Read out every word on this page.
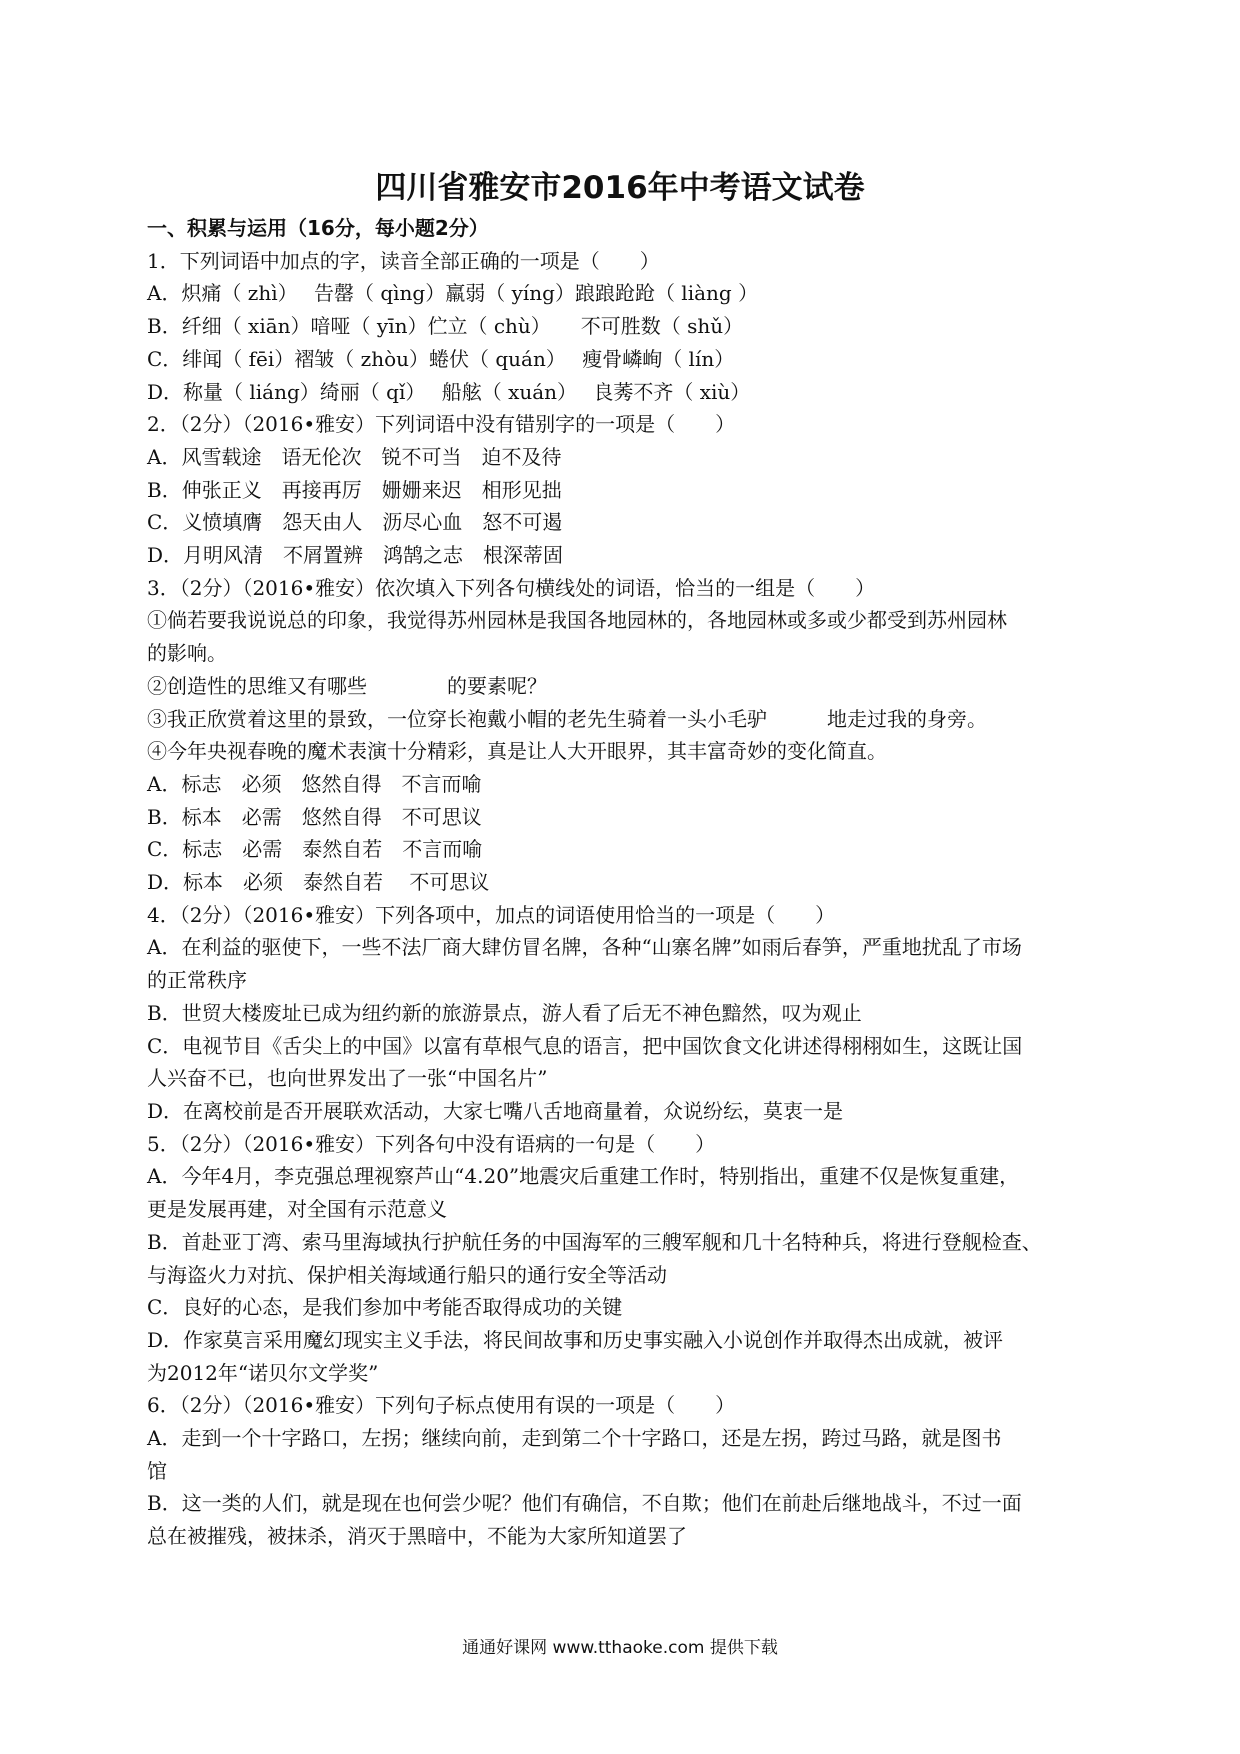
四川省雅安市2016年中考语文试卷
一、积累与运用（16分，每小题2分）
1．下列词语中加点的字，读音全部正确的一项是（　　）
A．炽痛（ zhì）　 告罄（ qìng）羸弱（ yíng）踉踉跄跄（ liàng ）
B．纤细（ xiān）喑哑（ yīn）伫立（ chù）　　不可胜数（ shǔ）
C．绯闻（ fēi）褶皱（ zhòu）蜷伏（ quán）　 瘦骨嶙峋（ lín）
D．称量（ liáng）绮丽（ qǐ）　 船舷（ xuán）　 良莠不齐（ xiù）
2．（2分）（2016•雅安）下列词语中没有错别字的一项是（　　）
A．风雪载途　语无伦次　锐不可当　迫不及待
B．伸张正义　再接再厉　姗姗来迟　相形见拙
C．义愤填膺　怨天由人　沥尽心血　怒不可遏
D．月明风清　不屑置辨　鸿鹄之志　根深蒂固
3．（2分）（2016•雅安）依次填入下列各句横线处的词语，恰当的一组是（　　）
①倘若要我说说总的印象，我觉得苏州园林是我国各地园林的，各地园林或多或少都受到苏州园林
的影响。
②创造性的思维又有哪些　　　　的要素呢？
③我正欣赏着这里的景致，一位穿长袍戴小帽的老先生骑着一头小毛驴　　　地走过我的身旁。
④今年央视春晚的魔术表演十分精彩，真是让人大开眼界，其丰富奇妙的变化简直。
A．标志　必须　悠然自得　不言而喻
B．标本　必需　悠然自得　不可思议
C．标志　必需　泰然自若　不言而喻
D．标本　必须　泰然自若　 不可思议
4．（2分）（2016•雅安）下列各项中，加点的词语使用恰当的一项是（　　）
A．在利益的驱使下，一些不法厂商大肆仿冒名牌，各种“山寨名牌”如雨后春笋，严重地扰乱了市场
的正常秩序
B．世贸大楼废址已成为纽约新的旅游景点，游人看了后无不神色黯然，叹为观止
C．电视节目《舌尖上的中国》以富有草根气息的语言，把中国饮食文化讲述得栩栩如生，这既让国
人兴奋不已，也向世界发出了一张“中国名片”
D．在离校前是否开展联欢活动，大家七嘴八舌地商量着，众说纷纭，莫衷一是
5．（2分）（2016•雅安）下列各句中没有语病的一句是（　　）
A．今年4月，李克强总理视察芦山“4.20”地震灾后重建工作时，特别指出，重建不仅是恢复重建，
更是发展再建，对全国有示范意义
B．首赴亚丁湾、索马里海域执行护航任务的中国海军的三艘军舰和几十名特种兵，将进行登舰检查、
与海盗火力对抗、保护相关海域通行船只的通行安全等活动
C．良好的心态，是我们参加中考能否取得成功的关键
D．作家莫言采用魔幻现实主义手法，将民间故事和历史事实融入小说创作并取得杰出成就，被评
为2012年“诺贝尔文学奖”
6．（2分）（2016•雅安）下列句子标点使用有误的一项是（　　）
A．走到一个十字路口，左拐；继续向前，走到第二个十字路口，还是左拐，跨过马路，就是图书
馆
B．这一类的人们，就是现在也何尝少呢？他们有确信，不自欺；他们在前赴后继地战斗，不过一面
总在被摧残，被抹杀，消灭于黑暗中，不能为大家所知道罢了
通通好课网 www.tthaoke.com 提供下载
